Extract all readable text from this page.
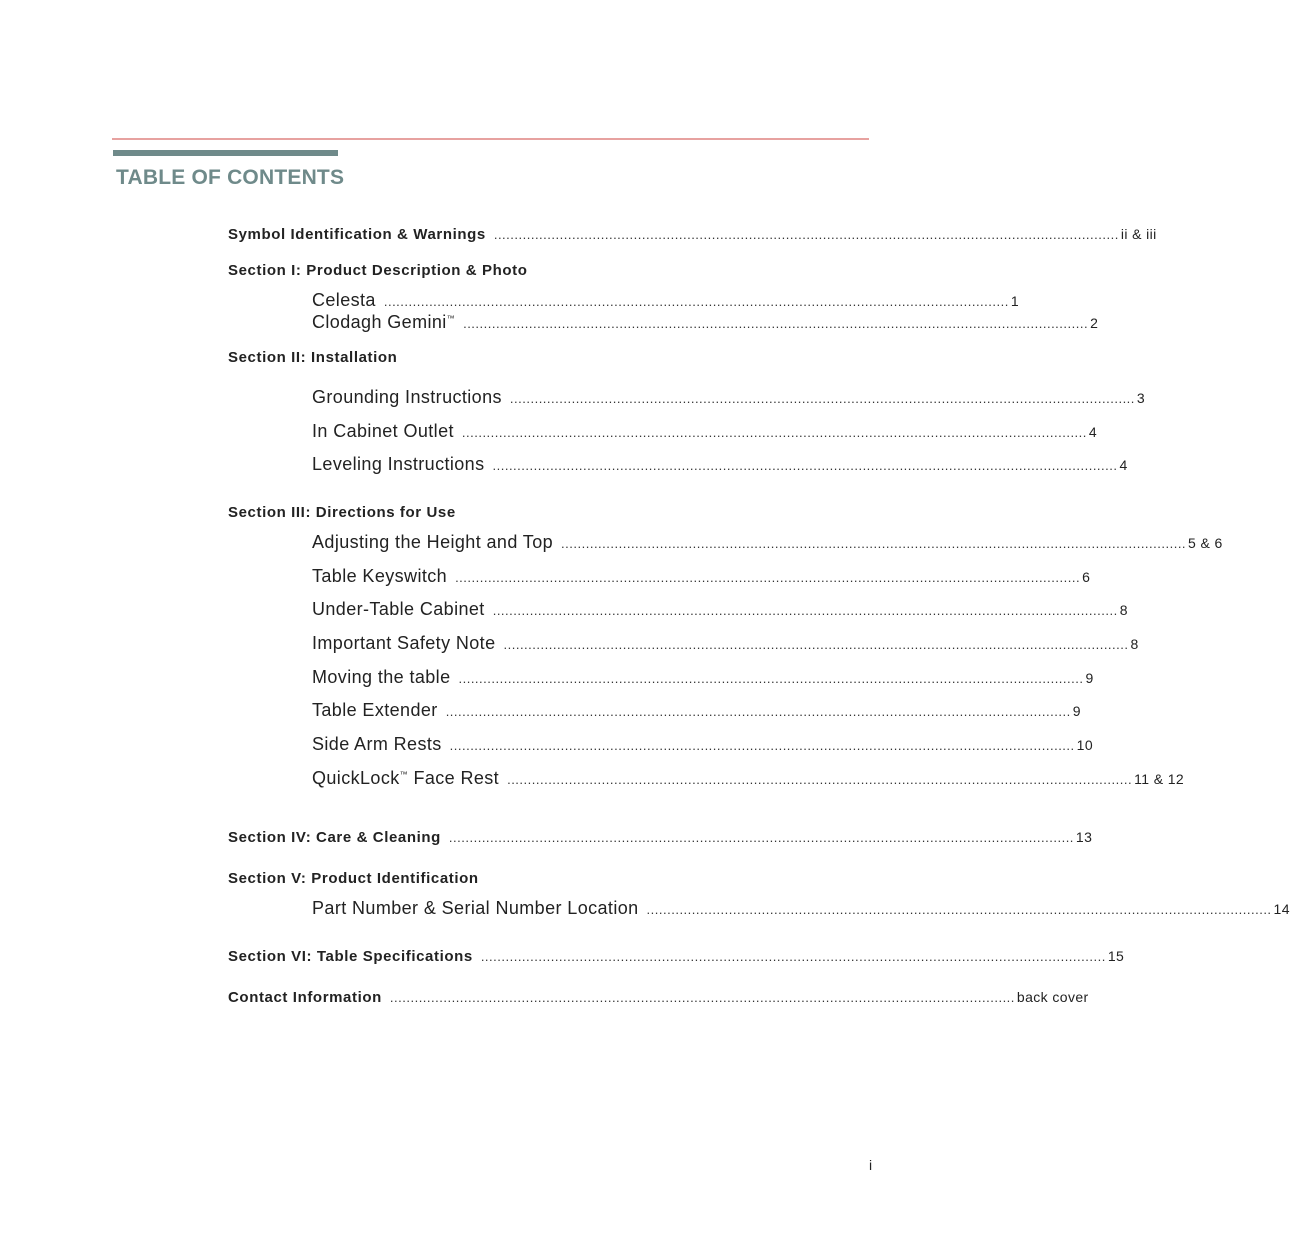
TABLE OF CONTENTS
Symbol Identification & Warnings ........................................................................................................................................................ ii & iii
Section I: Product Description & Photo
Celesta ........................................................................................................................................................ 1
Clodagh Gemini™ ........................................................................................................................................................ 2
Section II: Installation
Grounding Instructions ........................................................................................................................................................ 3
In Cabinet Outlet ........................................................................................................................................................ 4
Leveling Instructions ........................................................................................................................................................ 4
Section III: Directions for Use
Adjusting the Height and Top ........................................................................................................................................................ 5 & 6
Table Keyswitch ........................................................................................................................................................ 6
Under-Table Cabinet ........................................................................................................................................................ 8
Important Safety Note ........................................................................................................................................................ 8
Moving the table ........................................................................................................................................................ 9
Table Extender ........................................................................................................................................................ 9
Side Arm Rests ........................................................................................................................................................ 10
QuickLock™ Face Rest ........................................................................................................................................................ 11 & 12
Section IV: Care & Cleaning ........................................................................................................................................................ 13
Section V: Product Identification
Part Number & Serial Number Location ........................................................................................................................................................ 14
Section VI: Table Specifications ........................................................................................................................................................ 15
Contact Information ........................................................................................................................................................ back cover
i
